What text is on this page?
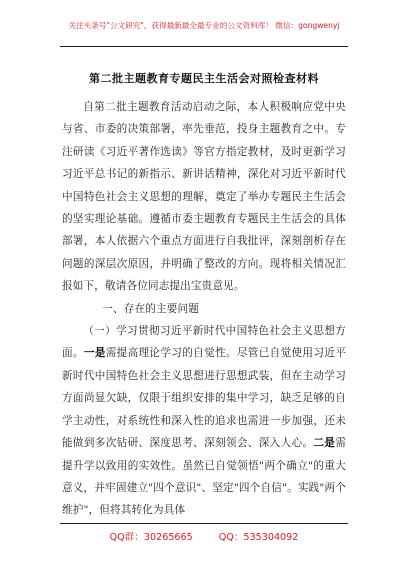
关注头条号"公文研究"，获得最新最全最专业的公文资料库！ 微信：gongwenyj
第二批主题教育专题民主生活会对照检查材料

自第二批主题教育活动启动之际，本人积极响应党中央与省、市委的决策部署，率先垂范，投身主题教育之中。专注研读《习近平著作选读》等官方指定教材，及时更新学习习近平总书记的新指示、新讲话精神，深化对习近平新时代中国特色社会主义思想的理解，奠定了举办专题民主生活会的坚实理论基础。遵循市委主题教育专题民主生活会的具体部署，本人依据六个重点方面进行自我批评，深刻剖析存在问题的深层次原因，并明确了整改的方向。现将相关情况汇报如下，敬请各位同志提出宝贵意见。

一、存在的主要问题

（一）学习贯彻习近平新时代中国特色社会主义思想方面。一是需提高理论学习的自觉性。尽管已自觉使用习近平新时代中国特色社会主义思想进行思想武装，但在主动学习方面尚显欠缺，仅限于组织安排的集中学习，缺乏足够的自学主动性，对系统性和深入性的追求也需进一步加强，还未能做到多次钻研、深度思考、深刻领会、深入人心。二是需提升学以致用的实效性。虽然已自觉领悟"两个确立"的重大意义，并牢固建立"四个意识"、坚定"四个自信"。实践"两个维护"，但将其转化为具体

QQ群：30265665	QQ：535304092
